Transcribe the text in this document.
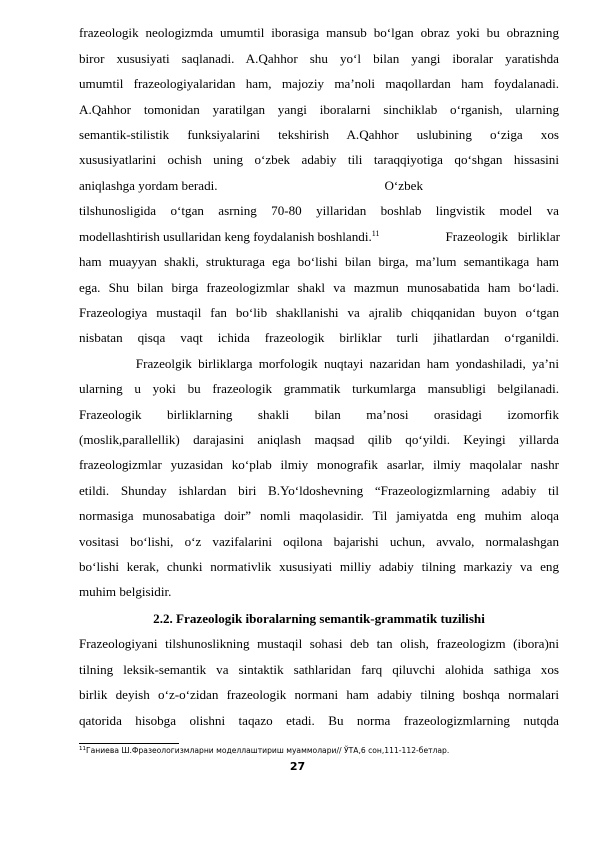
frazeologik neologizmda umumtil iborasiga mansub bo‘lgan obraz yoki bu obrazning
biror xususiyati saqlanadi. A.Qahhor shu yo‘l bilan yangi iboralar yaratishda
umumtil frazeologiyalaridan ham, majoziy ma’noli maqollardan ham foydalanadi.
A.Qahhor tomonidan yaratilgan yangi iboralarni sinchiklab o‘rganish, ularning
semantik-stilistik funksiyalarini tekshirish A.Qahhor uslubining o‘ziga xos
xususiyatlarini ochish uning o‘zbek adabiy tili taraqqiyotiga qo‘shgan hissasini
aniqlashga yordam beradi.                                                   O‘zbek
tilshunosligida o‘tgan asrning 70-80 yillaridan boshlab lingvistik model va
modellashtirish usullaridan keng foydalanish boshlandi.$^{11}$	Frazeologik   birliklar
ham muayyan shakli, strukturaga ega bo‘lishi bilan birga, ma’lum semantikaga ham
ega. Shu bilan birga frazeologizmlar shakl va mazmun munosabatida ham bo‘ladi.
Frazeologiya mustaqil fan bo‘lib shakllanishi va ajralib chiqqanidan buyon o‘tgan
nisbatan qisqa vaqt ichida frazeologik birliklar turli jihatlardan o‘rganildi.
Frazeolgik birliklarga morfologik nuqtayi nazaridan ham yondashiladi, ya’ni
ularning u yoki bu frazeologik grammatik turkumlarga mansubligi belgilanadi.
Frazeologik birliklarning shakli bilan ma’nosi orasidagi izomorfik
(moslik,parallellik) darajasini aniqlash maqsad qilib qo‘yildi. Keyingi yillarda
frazeologizmlar yuzasidan ko‘plab ilmiy monografik asarlar, ilmiy maqolalar nashr
etildi. Shunday ishlardan biri B.Yo‘ldoshevning “Frazeologizmlarning adabiy til
normasiga munosabatiga doir” nomli maqolasidir. Til jamiyatda eng muhim aloqa
vositasi bo‘lishi, o‘z vazifalarini oqilona bajarishi uchun, avvalo, normalashgan
bo‘lishi kerak, chunki normativlik xususiyati milliy adabiy tilning markaziy va eng
muhim belgisidir.
2.2. Frazeologik iboralarning semantik-grammatik tuzilishi
Frazeologiyani tilshunoslikning mustaqil sohasi deb tan olish, frazeologizm (ibora)ni
tilning leksik-semantik va sintaktik sathlaridan farq qiluvchi alohida sathiga xos
birlik deyish o‘z-o‘zidan frazeologik normani ham adabiy tilning boshqa normalari
qatorida hisobga olishni taqazo etadi. Bu norma frazeologizmlarning nutqda
$^{11}$Ганиева Ш.Фразеологизмларни моделлаштириш муаммолари// ЎТА,6 сон,111-112-бетлар.
27
